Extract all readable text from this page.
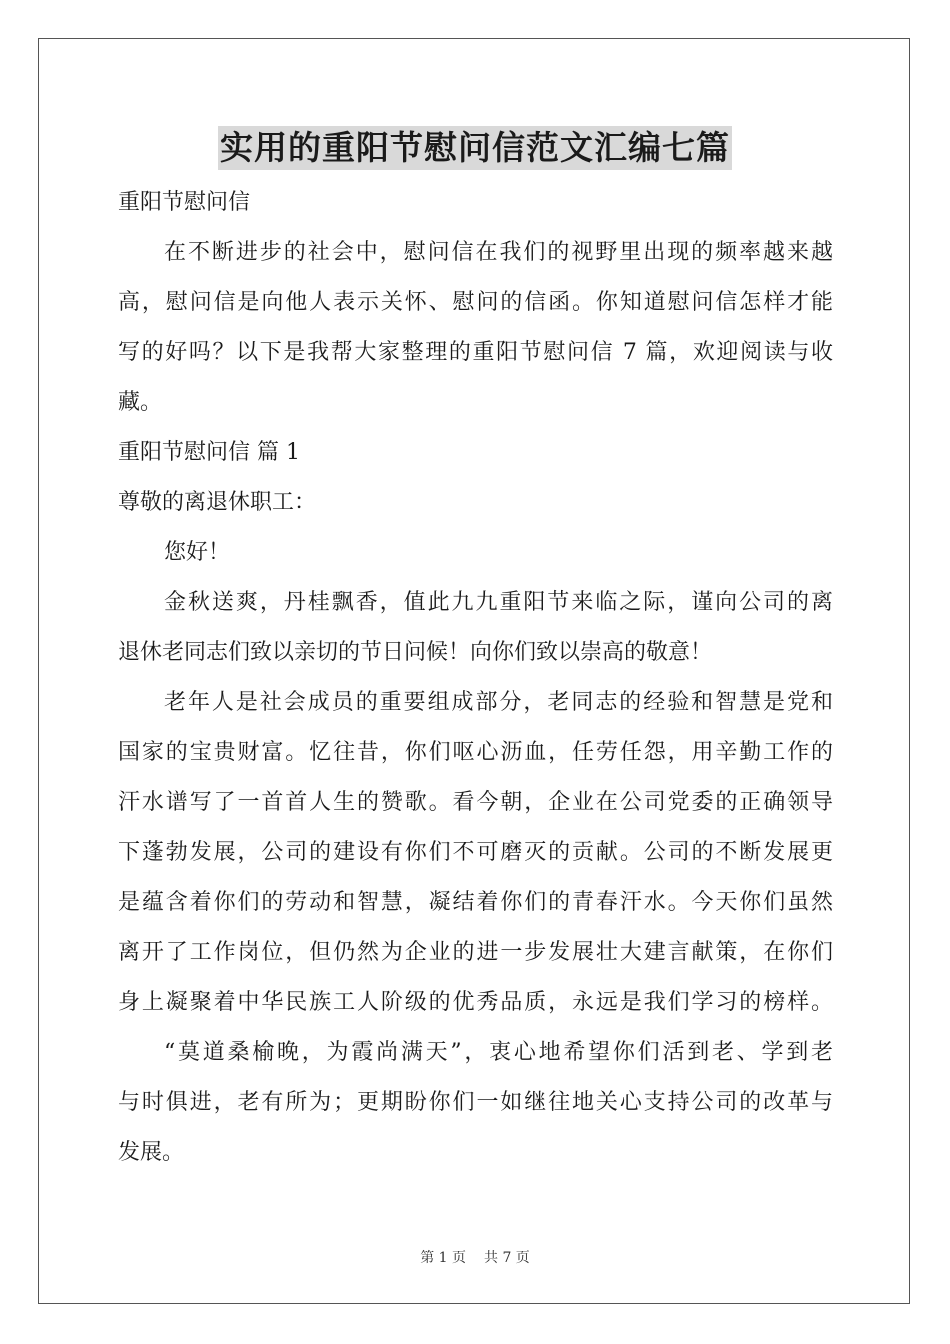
实用的重阳节慰问信范文汇编七篇
重阳节慰问信
在不断进步的社会中，慰问信在我们的视野里出现的频率越来越
高，慰问信是向他人表示关怀、慰问的信函。你知道慰问信怎样才能
写的好吗？以下是我帮大家整理的重阳节慰问信 7 篇，欢迎阅读与收
藏。
重阳节慰问信 篇 1
尊敬的离退休职工：
您好！
金秋送爽，丹桂飘香，值此九九重阳节来临之际，谨向公司的离
退休老同志们致以亲切的节日问候！向你们致以崇高的敬意！
老年人是社会成员的重要组成部分，老同志的经验和智慧是党和
国家的宝贵财富。忆往昔，你们呕心沥血，任劳任怨，用辛勤工作的
汗水谱写了一首首人生的赞歌。看今朝，企业在公司党委的正确领导
下蓬勃发展，公司的建设有你们不可磨灭的贡献。公司的不断发展更
是蕴含着你们的劳动和智慧，凝结着你们的青春汗水。今天你们虽然
离开了工作岗位，但仍然为企业的进一步发展壮大建言献策，在你们
身上凝聚着中华民族工人阶级的优秀品质，永远是我们学习的榜样。
“莫道桑榆晚，为霞尚满天”，衷心地希望你们活到老、学到老
与时俱进，老有所为；更期盼你们一如继往地关心支持公司的改革与
发展。
第 1 页 共 7 页
